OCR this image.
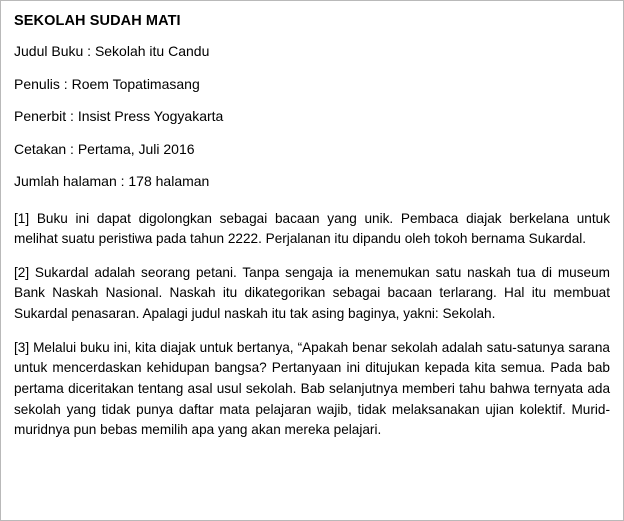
SEKOLAH SUDAH MATI
Judul Buku : Sekolah itu Candu
Penulis : Roem Topatimasang
Penerbit : Insist Press Yogyakarta
Cetakan : Pertama, Juli 2016
Jumlah halaman : 178 halaman
[1] Buku ini dapat digolongkan sebagai bacaan yang unik. Pembaca diajak berkelana untuk melihat suatu peristiwa pada tahun 2222. Perjalanan itu dipandu oleh tokoh bernama Sukardal.
[2] Sukardal adalah seorang petani. Tanpa sengaja ia menemukan satu naskah tua di museum Bank Naskah Nasional. Naskah itu dikategorikan sebagai bacaan terlarang. Hal itu membuat Sukardal penasaran. Apalagi judul naskah itu tak asing baginya, yakni: Sekolah.
[3] Melalui buku ini, kita diajak untuk bertanya, “Apakah benar sekolah adalah satu-satunya sarana untuk mencerdaskan kehidupan bangsa? Pertanyaan ini ditujukan kepada kita semua. Pada bab pertama diceritakan tentang asal usul sekolah. Bab selanjutnya memberi tahu bahwa ternyata ada sekolah yang tidak punya daftar mata pelajaran wajib, tidak melaksanakan ujian kolektif. Murid-muridnya pun bebas memilih apa yang akan mereka pelajari.
